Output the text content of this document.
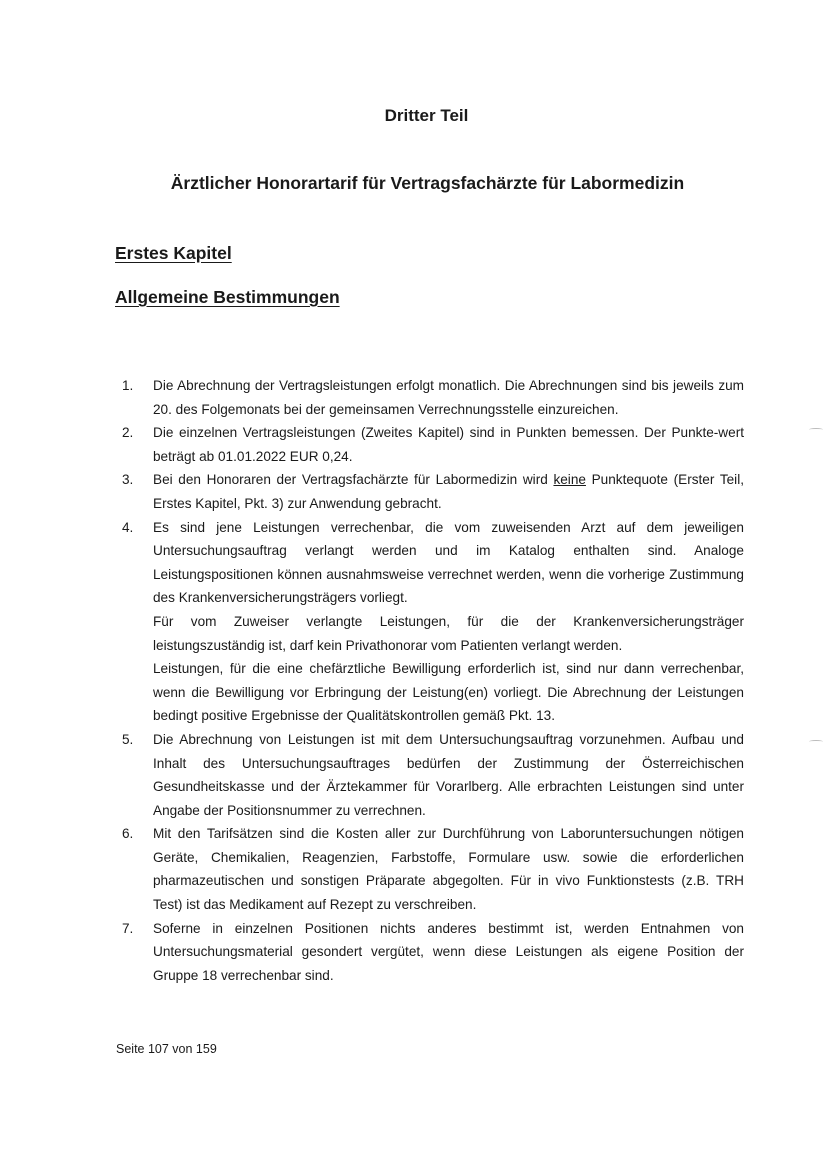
Dritter Teil
Ärztlicher Honorartarif für Vertragsfachärzte für Labormedizin
Erstes Kapitel
Allgemeine Bestimmungen
1. Die Abrechnung der Vertragsleistungen erfolgt monatlich. Die Abrechnungen sind bis jeweils zum 20. des Folgemonats bei der gemeinsamen Verrechnungsstelle einzureichen.
2. Die einzelnen Vertragsleistungen (Zweites Kapitel) sind in Punkten bemessen. Der Punkte-wert beträgt ab 01.01.2022 EUR 0,24.
3. Bei den Honoraren der Vertragsfachärzte für Labormedizin wird keine Punktequote (Erster Teil, Erstes Kapitel, Pkt. 3) zur Anwendung gebracht.
4. Es sind jene Leistungen verrechenbar, die vom zuweisenden Arzt auf dem jeweiligen Untersuchungsauftrag verlangt werden und im Katalog enthalten sind. Analoge Leistungspositionen können ausnahmsweise verrechnet werden, wenn die vorherige Zustimmung des Krankenversicherungsträgers vorliegt.
Für vom Zuweiser verlangte Leistungen, für die der Krankenversicherungsträger leistungszuständig ist, darf kein Privathonorar vom Patienten verlangt werden.
Leistungen, für die eine chefärztliche Bewilligung erforderlich ist, sind nur dann verrechenbar, wenn die Bewilligung vor Erbringung der Leistung(en) vorliegt. Die Abrechnung der Leistungen bedingt positive Ergebnisse der Qualitätskontrollen gemäß Pkt. 13.
5. Die Abrechnung von Leistungen ist mit dem Untersuchungsauftrag vorzunehmen. Aufbau und Inhalt des Untersuchungsauftrages bedürfen der Zustimmung der Österreichischen Gesundheitskasse und der Ärztekammer für Vorarlberg. Alle erbrachten Leistungen sind unter Angabe der Positionsnummer zu verrechnen.
6. Mit den Tarifsätzen sind die Kosten aller zur Durchführung von Laboruntersuchungen nötigen Geräte, Chemikalien, Reagenzien, Farbstoffe, Formulare usw. sowie die erforderlichen pharmazeutischen und sonstigen Präparate abgegolten. Für in vivo Funktionstests (z.B. TRH Test) ist das Medikament auf Rezept zu verschreiben.
7. Soferne in einzelnen Positionen nichts anderes bestimmt ist, werden Entnahmen von Untersuchungsmaterial gesondert vergütet, wenn diese Leistungen als eigene Position der Gruppe 18 verrechenbar sind.

Seite 107 von 159
